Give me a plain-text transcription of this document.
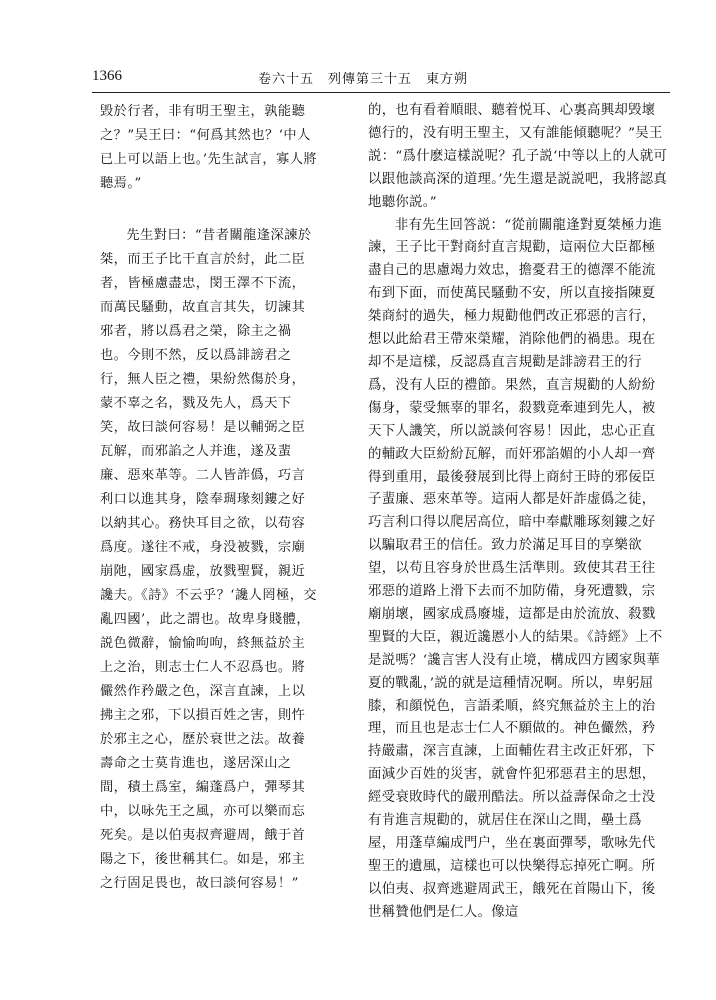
1366	卷六十五　列傳第三十五　東方朔

毁於行者，非有明王聖主，孰能聽之？”吴王曰：“何爲其然也？‘中人已上可以語上也。’先生試言，寡人將聽焉。”

先生對曰：“昔者關龍逢深諫於桀，而王子比干直言於紂，此二臣者，皆極慮盡忠，閔王澤不下流，而萬民騷動，故直言其失，切諫其邪者，將以爲君之榮，除主之禍也。今則不然，反以爲誹謗君之行，無人臣之禮，果紛然傷於身，蒙不辜之名，戮及先人，爲天下笑，故曰談何容易！是以輔弼之臣瓦解，而邪諂之人并進，遂及蜚廉、惡來革等。二人皆詐僞，巧言利口以進其身，陰奉琱瑑刻鏤之好以納其心。務快耳目之欲，以苟容爲度。遂往不戒，身没被戮，宗廟崩阤，國家爲虚，放戮聖賢，親近讒夫。《詩》不云乎？‘讒人罔極，交亂四國’，此之謂也。故卑身賤體，説色微辭，愉愉呴呴，終無益於主上之治，則志士仁人不忍爲也。將儼然作矜嚴之色，深言直諫，上以拂主之邪，下以損百姓之害，則忤於邪主之心，歷於衰世之法。故養壽命之士莫肯進也，遂居深山之間，積土爲室，編蓬爲户，彈琴其中，以咏先王之風，亦可以樂而忘死矣。是以伯夷叔齊避周，餓于首陽之下，後世稱其仁。如是，邪主之行固足畏也，故曰談何容易！”

的，也有看着順眼、聽着悦耳、心裏高興却毁壞德行的，没有明王聖主，又有誰能傾聽呢？”吴王説：“爲什麽這樣説呢？孔子説‘中等以上的人就可以跟他談高深的道理。’先生還是説説吧，我將認真地聽你説。”

非有先生回答説：“從前關龍逢對夏桀極力進諫，王子比干對商紂直言規勸，這兩位大臣都極盡自己的思慮竭力效忠，擔憂君王的德澤不能流布到下面，而使萬民騷動不安，所以直接指陳夏桀商紂的過失，極力規勸他們改正邪惡的言行，想以此給君王帶來榮耀，消除他們的禍患。現在却不是這樣，反認爲直言規勸是誹謗君王的行爲，没有人臣的禮節。果然，直言規勸的人紛紛傷身，蒙受無辜的罪名，殺戮竟牽連到先人，被天下人譏笑，所以説談何容易！因此，忠心正直的輔政大臣紛紛瓦解，而奸邪諂媚的小人却一齊得到重用，最後發展到比得上商紂王時的邪佞臣子蜚廉、惡來革等。這兩人都是奸詐虚僞之徒，巧言利口得以爬居高位，暗中奉獻雕琢刻鏤之好以騙取君王的信任。致力於滿足耳目的享樂欲望，以苟且容身於世爲生活準則。致使其君王往邪惡的道路上滑下去而不加防備，身死遭戮，宗廟崩壞，國家成爲廢墟，這都是由於流放、殺戮聖賢的大臣，親近讒慝小人的結果。《詩經》上不是説嗎？‘讒言害人没有止境，構成四方國家與華夏的戰亂，’説的就是這種情况啊。所以，卑躬屈膝，和顔悦色，言語柔順，終究無益於主上的治理，而且也是志士仁人不願做的。神色儼然，矜持嚴肅，深言直諫，上面輔佐君主改正奸邪，下面減少百姓的災害，就會忤犯邪惡君主的思想，經受衰敗時代的嚴刑酷法。所以益壽保命之士没有肯進言規勸的，就居住在深山之間，壘土爲屋，用蓬草編成門户，坐在裏面彈琴，歌咏先代聖王的遺風，這樣也可以快樂得忘掉死亡啊。所以伯夷、叔齊逃避周武王，餓死在首陽山下，後世稱贊他們是仁人。像這
